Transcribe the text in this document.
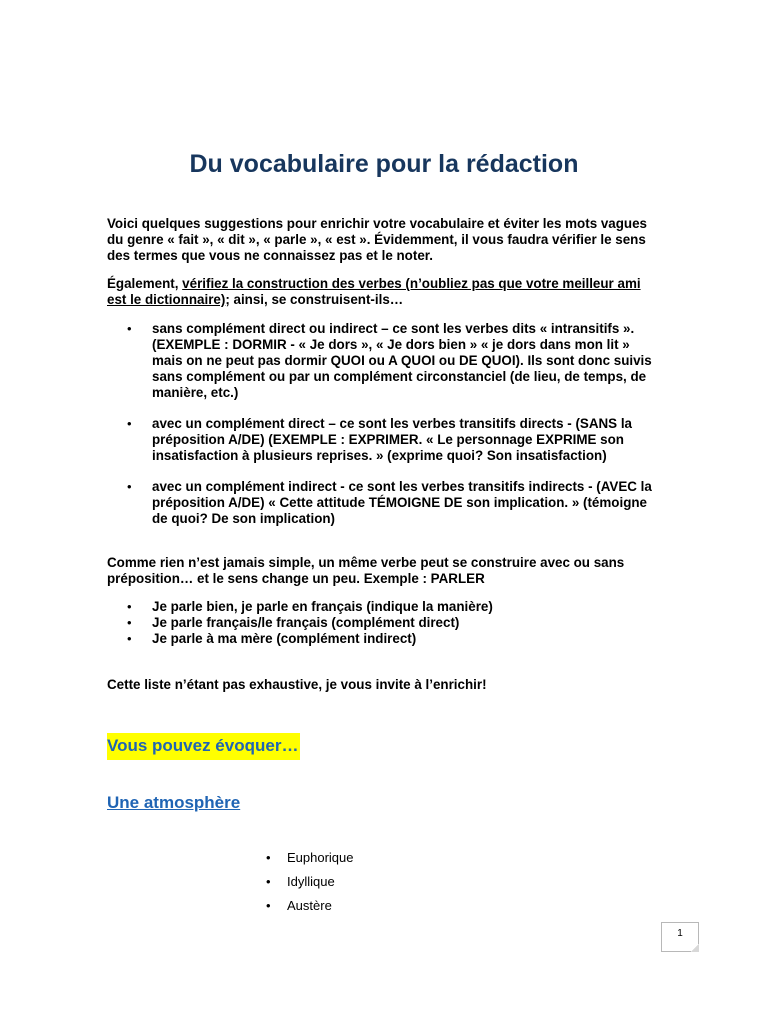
Du vocabulaire pour la rédaction

Voici quelques suggestions pour enrichir votre vocabulaire et éviter les mots vagues du genre « fait », « dit », « parle », « est ». Évidemment, il vous faudra vérifier le sens des termes que vous ne connaissez pas et le noter.

Également, vérifiez la construction des verbes (n’oubliez pas que votre meilleur ami est le dictionnaire); ainsi, se construisent-ils…

• sans complément direct ou indirect – ce sont les verbes dits « intransitifs ». (EXEMPLE : DORMIR - « Je dors », « Je dors bien » « je dors dans mon lit » mais on ne peut pas dormir QUOI ou A QUOI ou DE QUOI). Ils sont donc suivis sans complément ou par un complément circonstanciel (de lieu, de temps, de manière, etc.)
• avec un complément direct – ce sont les verbes transitifs directs - (SANS la préposition A/DE) (EXEMPLE : EXPRIMER. « Le personnage EXPRIME son insatisfaction à plusieurs reprises. » (exprime quoi? Son insatisfaction)
• avec un complément indirect - ce sont les verbes transitifs indirects - (AVEC la préposition A/DE) « Cette attitude TÉMOIGNE DE son implication. » (témoigne de quoi? De son implication)

Comme rien n’est jamais simple, un même verbe peut se construire avec ou sans préposition… et le sens change un peu. Exemple : PARLER

• Je parle bien, je parle en français (indique la manière)
• Je parle français/le français (complément direct)
• Je parle à ma mère (complément indirect)

Cette liste n’étant pas exhaustive, je vous invite à l’enrichir!

Vous pouvez évoquer…
Une atmosphère
• Euphorique
• Idyllique
• Austère
1
